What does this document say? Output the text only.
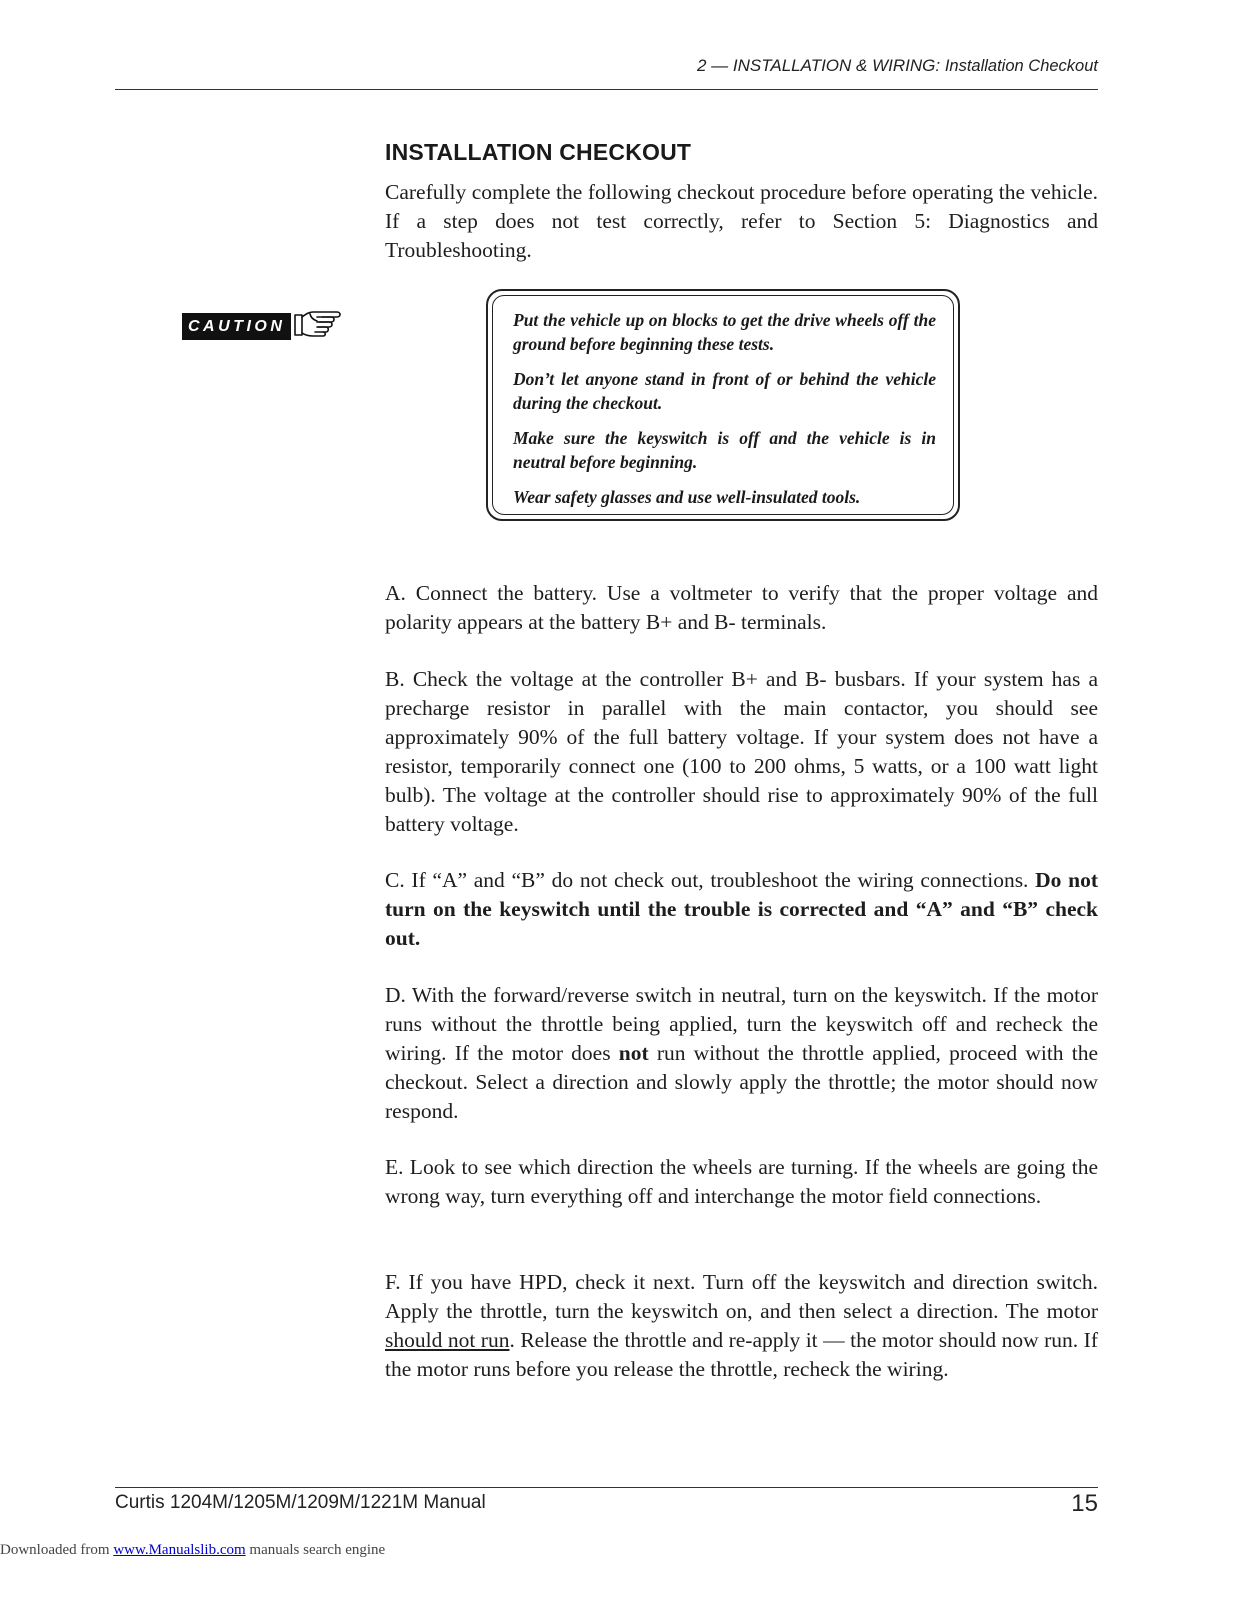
2 — INSTALLATION & WIRING: Installation Checkout
INSTALLATION CHECKOUT
Carefully complete the following checkout procedure before operating the vehicle. If a step does not test correctly, refer to Section 5: Diagnostics and Troubleshooting.
CAUTION	Put the vehicle up on blocks to get the drive wheels off the ground before beginning these tests.

Don’t let anyone stand in front of or behind the vehicle during the checkout.

Make sure the keyswitch is off and the vehicle is in neutral before beginning.

Wear safety glasses and use well-insulated tools.

A. Connect the battery. Use a voltmeter to verify that the proper voltage and polarity appears at the battery B+ and B- terminals.

B. Check the voltage at the controller B+ and B- busbars. If your system has a precharge resistor in parallel with the main contactor, you should see approximately 90% of the full battery voltage. If your system does not have a resistor, temporarily connect one (100 to 200 ohms, 5 watts, or a 100 watt light bulb). The voltage at the controller should rise to approximately 90% of the full battery voltage.

C. If “A” and “B” do not check out, troubleshoot the wiring connections. Do not turn on the keyswitch until the trouble is corrected and “A” and “B” check out.

D. With the forward/reverse switch in neutral, turn on the keyswitch. If the motor runs without the throttle being applied, turn the keyswitch off and recheck the wiring. If the motor does not run without the throttle applied, proceed with the checkout. Select a direction and slowly apply the throttle; the motor should now respond.

E. Look to see which direction the wheels are turning. If the wheels are going the wrong way, turn everything off and interchange the motor field connections.

F. If you have HPD, check it next. Turn off the keyswitch and direction switch. Apply the throttle, turn the keyswitch on, and then select a direction. The motor should not run. Release the throttle and re-apply it — the motor should now run. If the motor runs before you release the throttle, recheck the wiring.

Curtis 1204M/1205M/1209M/1221M Manual	15
Downloaded from www.Manualslib.com manuals search engine
